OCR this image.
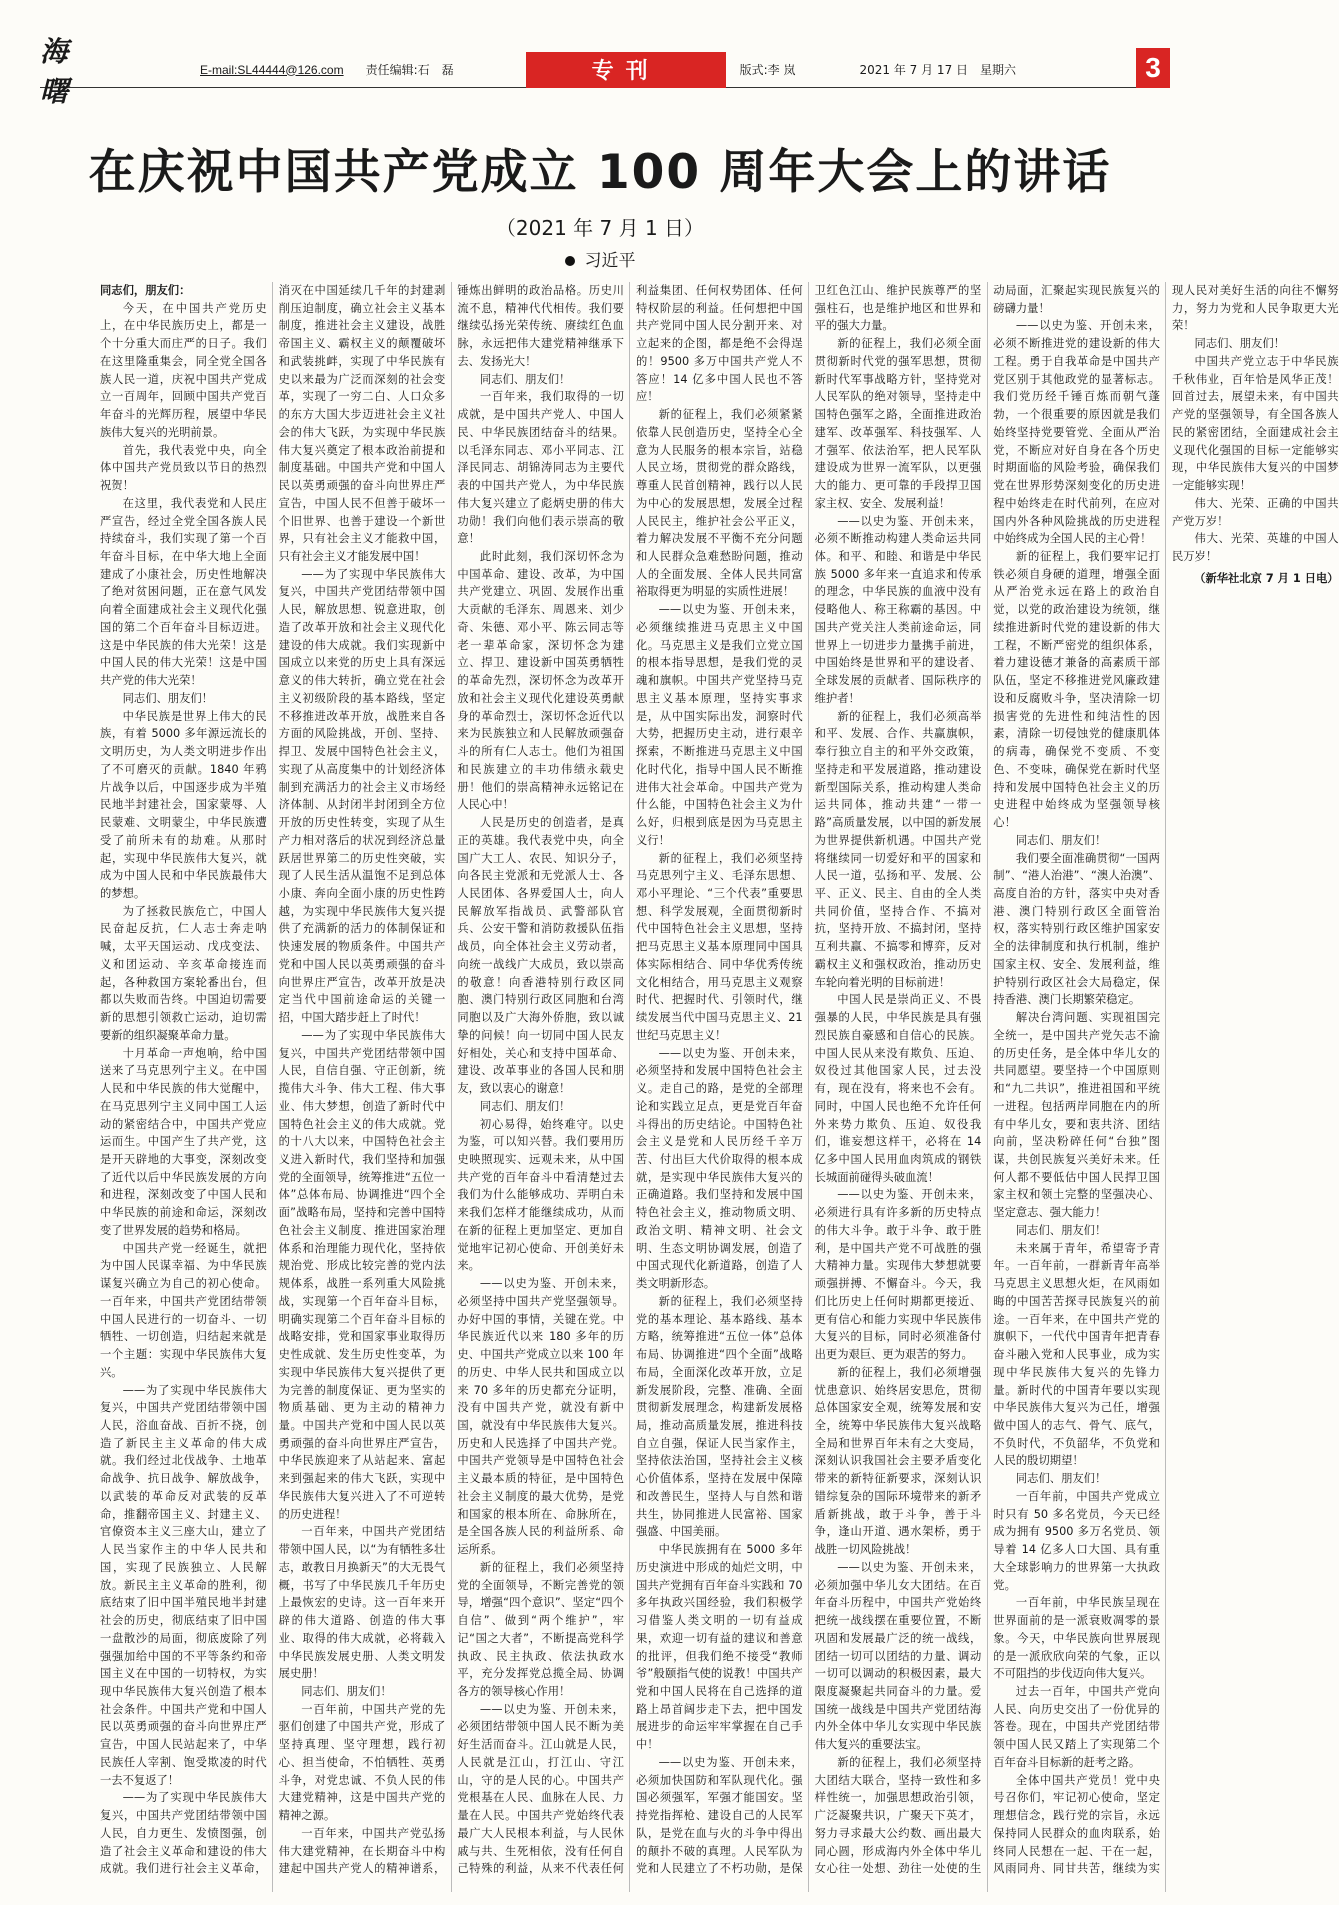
海 曙
E-mail:SL44444@126.com 责任编辑:石　磊	专刊	版式:李 岚	2021 年 7 月 17 日　星期六	3
在庆祝中国共产党成立 100 周年大会上的讲话
（2021 年 7 月 1 日）
习近平

同志们，朋友们：

今天，在中国共产党历史上，在中华民族历史上，都是一个十分重大而庄严的日子。我们在这里隆重集会，同全党全国各族人民一道，庆祝中国共产党成立一百周年，回顾中国共产党百年奋斗的光辉历程，展望中华民族伟大复兴的光明前景。

首先，我代表党中央，向全体中国共产党员致以节日的热烈祝贺！

在这里，我代表党和人民庄严宣告，经过全党全国各族人民持续奋斗，我们实现了第一个百年奋斗目标，在中华大地上全面建成了小康社会，历史性地解决了绝对贫困问题，正在意气风发向着全面建成社会主义现代化强国的第二个百年奋斗目标迈进。这是中华民族的伟大光荣！这是中国人民的伟大光荣！这是中国共产党的伟大光荣！

同志们、朋友们！

中华民族是世界上伟大的民族，有着 5000 多年源远流长的文明历史，为人类文明进步作出了不可磨灭的贡献。1840 年鸦片战争以后，中国逐步成为半殖民地半封建社会，国家蒙辱、人民蒙难、文明蒙尘，中华民族遭受了前所未有的劫难。从那时起，实现中华民族伟大复兴，就成为中国人民和中华民族最伟大的梦想。

为了拯救民族危亡，中国人民奋起反抗，仁人志士奔走呐喊，太平天国运动、戊戌变法、义和团运动、辛亥革命接连而起，各种救国方案轮番出台，但都以失败而告终。中国迫切需要新的思想引领救亡运动，迫切需要新的组织凝聚革命力量。

十月革命一声炮响，给中国送来了马克思列宁主义。在中国人民和中华民族的伟大觉醒中，在马克思列宁主义同中国工人运动的紧密结合中，中国共产党应运而生。中国产生了共产党，这是开天辟地的大事变，深刻改变了近代以后中华民族发展的方向和进程，深刻改变了中国人民和中华民族的前途和命运，深刻改变了世界发展的趋势和格局。

中国共产党一经诞生，就把为中国人民谋幸福、为中华民族谋复兴确立为自己的初心使命。一百年来，中国共产党团结带领中国人民进行的一切奋斗、一切牺牲、一切创造，归结起来就是一个主题：实现中华民族伟大复兴。

——为了实现中华民族伟大复兴，中国共产党团结带领中国人民，浴血奋战、百折不挠，创造了新民主主义革命的伟大成就。我们经过北伐战争、土地革命战争、抗日战争、解放战争，以武装的革命反对武装的反革命，推翻帝国主义、封建主义、官僚资本主义三座大山，建立了人民当家作主的中华人民共和国，实现了民族独立、人民解放。新民主主义革命的胜利，彻底结束了旧中国半殖民地半封建社会的历史，彻底结束了旧中国一盘散沙的局面，彻底废除了列强强加给中国的不平等条约和帝国主义在中国的一切特权，为实现中华民族伟大复兴创造了根本社会条件。中国共产党和中国人民以英勇顽强的奋斗向世界庄严宣告，中国人民站起来了，中华民族任人宰割、饱受欺凌的时代一去不复返了！

——为了实现中华民族伟大复兴，中国共产党团结带领中国人民，自力更生、发愤图强，创造了社会主义革命和建设的伟大成就。我们进行社会主义革命，消灭在中国延续几千年的封建剥削压迫制度，确立社会主义基本制度，推进社会主义建设，战胜帝国主义、霸权主义的颠覆破坏和武装挑衅，实现了中华民族有史以来最为广泛而深刻的社会变革，实现了一穷二白、人口众多的东方大国大步迈进社会主义社会的伟大飞跃，为实现中华民族伟大复兴奠定了根本政治前提和制度基础。中国共产党和中国人民以英勇顽强的奋斗向世界庄严宣告，中国人民不但善于破坏一个旧世界、也善于建设一个新世界，只有社会主义才能救中国，只有社会主义才能发展中国！

——为了实现中华民族伟大复兴，中国共产党团结带领中国人民，解放思想、锐意进取，创造了改革开放和社会主义现代化建设的伟大成就。我们实现新中国成立以来党的历史上具有深远意义的伟大转折，确立党在社会主义初级阶段的基本路线，坚定不移推进改革开放，战胜来自各方面的风险挑战，开创、坚持、捍卫、发展中国特色社会主义，实现了从高度集中的计划经济体制到充满活力的社会主义市场经济体制、从封闭半封闭到全方位开放的历史性转变，实现了从生产力相对落后的状况到经济总量跃居世界第二的历史性突破，实现了人民生活从温饱不足到总体小康、奔向全面小康的历史性跨越，为实现中华民族伟大复兴提供了充满新的活力的体制保证和快速发展的物质条件。中国共产党和中国人民以英勇顽强的奋斗向世界庄严宣告，改革开放是决定当代中国前途命运的关键一招，中国大踏步赶上了时代！

——为了实现中华民族伟大复兴，中国共产党团结带领中国人民，自信自强、守正创新，统揽伟大斗争、伟大工程、伟大事业、伟大梦想，创造了新时代中国特色社会主义的伟大成就。党的十八大以来，中国特色社会主义进入新时代，我们坚持和加强党的全面领导，统筹推进“五位一体”总体布局、协调推进“四个全面”战略布局，坚持和完善中国特色社会主义制度、推进国家治理体系和治理能力现代化，坚持依规治党、形成比较完善的党内法规体系，战胜一系列重大风险挑战，实现第一个百年奋斗目标，明确实现第二个百年奋斗目标的战略安排，党和国家事业取得历史性成就、发生历史性变革，为实现中华民族伟大复兴提供了更为完善的制度保证、更为坚实的物质基础、更为主动的精神力量。中国共产党和中国人民以英勇顽强的奋斗向世界庄严宣告，中华民族迎来了从站起来、富起来到强起来的伟大飞跃，实现中华民族伟大复兴进入了不可逆转的历史进程！

一百年来，中国共产党团结带领中国人民，以“为有牺牲多壮志，敢教日月换新天”的大无畏气概，书写了中华民族几千年历史上最恢宏的史诗。这一百年来开辟的伟大道路、创造的伟大事业、取得的伟大成就，必将载入中华民族发展史册、人类文明发展史册！

同志们、朋友们！

一百年前，中国共产党的先驱们创建了中国共产党，形成了坚持真理、坚守理想，践行初心、担当使命，不怕牺牲、英勇斗争，对党忠诚、不负人民的伟大建党精神，这是中国共产党的精神之源。

一百年来，中国共产党弘扬伟大建党精神，在长期奋斗中构建起中国共产党人的精神谱系，锤炼出鲜明的政治品格。历史川流不息，精神代代相传。我们要继续弘扬光荣传统、赓续红色血脉，永远把伟大建党精神继承下去、发扬光大！

同志们、朋友们！

一百年来，我们取得的一切成就，是中国共产党人、中国人民、中华民族团结奋斗的结果。以毛泽东同志、邓小平同志、江泽民同志、胡锦涛同志为主要代表的中国共产党人，为中华民族伟大复兴建立了彪炳史册的伟大功勋！我们向他们表示崇高的敬意！

此时此刻，我们深切怀念为中国革命、建设、改革，为中国共产党建立、巩固、发展作出重大贡献的毛泽东、周恩来、刘少奇、朱德、邓小平、陈云同志等老一辈革命家，深切怀念为建立、捍卫、建设新中国英勇牺牲的革命先烈，深切怀念为改革开放和社会主义现代化建设英勇献身的革命烈士，深切怀念近代以来为民族独立和人民解放顽强奋斗的所有仁人志士。他们为祖国和民族建立的丰功伟绩永载史册！他们的崇高精神永远铭记在人民心中！

人民是历史的创造者，是真正的英雄。我代表党中央，向全国广大工人、农民、知识分子，向各民主党派和无党派人士、各人民团体、各界爱国人士，向人民解放军指战员、武警部队官兵、公安干警和消防救援队伍指战员，向全体社会主义劳动者，向统一战线广大成员，致以崇高的敬意！向香港特别行政区同胞、澳门特别行政区同胞和台湾同胞以及广大海外侨胞，致以诚挚的问候！向一切同中国人民友好相处，关心和支持中国革命、建设、改革事业的各国人民和朋友，致以衷心的谢意！

同志们、朋友们！

初心易得，始终难守。以史为鉴，可以知兴替。我们要用历史映照现实、远观未来，从中国共产党的百年奋斗中看清楚过去我们为什么能够成功、弄明白未来我们怎样才能继续成功，从而在新的征程上更加坚定、更加自觉地牢记初心使命、开创美好未来。

——以史为鉴、开创未来，必须坚持中国共产党坚强领导。办好中国的事情，关键在党。中华民族近代以来 180 多年的历史、中国共产党成立以来 100 年的历史、中华人民共和国成立以来 70 多年的历史都充分证明，没有中国共产党，就没有新中国，就没有中华民族伟大复兴。历史和人民选择了中国共产党。中国共产党领导是中国特色社会主义最本质的特征，是中国特色社会主义制度的最大优势，是党和国家的根本所在、命脉所在，是全国各族人民的利益所系、命运所系。

新的征程上，我们必须坚持党的全面领导，不断完善党的领导，增强“四个意识”、坚定“四个自信”、做到“两个维护”，牢记“国之大者”，不断提高党科学执政、民主执政、依法执政水平，充分发挥党总揽全局、协调各方的领导核心作用！

——以史为鉴、开创未来，必须团结带领中国人民不断为美好生活而奋斗。江山就是人民，人民就是江山，打江山、守江山，守的是人民的心。中国共产党根基在人民、血脉在人民、力量在人民。中国共产党始终代表最广大人民根本利益，与人民休戚与共、生死相依，没有任何自己特殊的利益，从来不代表任何利益集团、任何权势团体、任何特权阶层的利益。任何想把中国共产党同中国人民分割开来、对立起来的企图，都是绝不会得逞的！9500 多万中国共产党人不答应！14 亿多中国人民也不答应！

新的征程上，我们必须紧紧依靠人民创造历史，坚持全心全意为人民服务的根本宗旨，站稳人民立场，贯彻党的群众路线，尊重人民首创精神，践行以人民为中心的发展思想，发展全过程人民民主，维护社会公平正义，着力解决发展不平衡不充分问题和人民群众急难愁盼问题，推动人的全面发展、全体人民共同富裕取得更为明显的实质性进展！

——以史为鉴、开创未来，必须继续推进马克思主义中国化。马克思主义是我们立党立国的根本指导思想，是我们党的灵魂和旗帜。中国共产党坚持马克思主义基本原理，坚持实事求是，从中国实际出发，洞察时代大势，把握历史主动，进行艰辛探索，不断推进马克思主义中国化时代化，指导中国人民不断推进伟大社会革命。中国共产党为什么能，中国特色社会主义为什么好，归根到底是因为马克思主义行！

新的征程上，我们必须坚持马克思列宁主义、毛泽东思想、邓小平理论、“三个代表”重要思想、科学发展观，全面贯彻新时代中国特色社会主义思想，坚持把马克思主义基本原理同中国具体实际相结合、同中华优秀传统文化相结合，用马克思主义观察时代、把握时代、引领时代，继续发展当代中国马克思主义、21 世纪马克思主义！

——以史为鉴、开创未来，必须坚持和发展中国特色社会主义。走自己的路，是党的全部理论和实践立足点，更是党百年奋斗得出的历史结论。中国特色社会主义是党和人民历经千辛万苦、付出巨大代价取得的根本成就，是实现中华民族伟大复兴的正确道路。我们坚持和发展中国特色社会主义，推动物质文明、政治文明、精神文明、社会文明、生态文明协调发展，创造了中国式现代化新道路，创造了人类文明新形态。

新的征程上，我们必须坚持党的基本理论、基本路线、基本方略，统筹推进“五位一体”总体布局、协调推进“四个全面”战略布局，全面深化改革开放，立足新发展阶段，完整、准确、全面贯彻新发展理念，构建新发展格局，推动高质量发展，推进科技自立自强，保证人民当家作主，坚持依法治国，坚持社会主义核心价值体系，坚持在发展中保障和改善民生，坚持人与自然和谐共生，协同推进人民富裕、国家强盛、中国美丽。

中华民族拥有在 5000 多年历史演进中形成的灿烂文明，中国共产党拥有百年奋斗实践和 70 多年执政兴国经验，我们积极学习借鉴人类文明的一切有益成果，欢迎一切有益的建议和善意的批评，但我们绝不接受“教师爷”般颐指气使的说教！中国共产党和中国人民将在自己选择的道路上昂首阔步走下去，把中国发展进步的命运牢牢掌握在自己手中！

——以史为鉴、开创未来，必须加快国防和军队现代化。强国必须强军，军强才能国安。坚持党指挥枪、建设自己的人民军队，是党在血与火的斗争中得出的颠扑不破的真理。人民军队为党和人民建立了不朽功勋，是保卫红色江山、维护民族尊严的坚强柱石，也是维护地区和世界和平的强大力量。

新的征程上，我们必须全面贯彻新时代党的强军思想，贯彻新时代军事战略方针，坚持党对人民军队的绝对领导，坚持走中国特色强军之路，全面推进政治建军、改革强军、科技强军、人才强军、依法治军，把人民军队建设成为世界一流军队，以更强大的能力、更可靠的手段捍卫国家主权、安全、发展利益！

——以史为鉴、开创未来，必须不断推动构建人类命运共同体。和平、和睦、和谐是中华民族 5000 多年来一直追求和传承的理念，中华民族的血液中没有侵略他人、称王称霸的基因。中国共产党关注人类前途命运，同世界上一切进步力量携手前进，中国始终是世界和平的建设者、全球发展的贡献者、国际秩序的维护者！

新的征程上，我们必须高举和平、发展、合作、共赢旗帜，奉行独立自主的和平外交政策，坚持走和平发展道路，推动建设新型国际关系，推动构建人类命运共同体，推动共建“一带一路”高质量发展，以中国的新发展为世界提供新机遇。中国共产党将继续同一切爱好和平的国家和人民一道，弘扬和平、发展、公平、正义、民主、自由的全人类共同价值，坚持合作、不搞对抗，坚持开放、不搞封闭，坚持互利共赢、不搞零和博弈，反对霸权主义和强权政治，推动历史车轮向着光明的目标前进！

中国人民是崇尚正义、不畏强暴的人民，中华民族是具有强烈民族自豪感和自信心的民族。中国人民从来没有欺负、压迫、奴役过其他国家人民，过去没有，现在没有，将来也不会有。同时，中国人民也绝不允许任何外来势力欺负、压迫、奴役我们，谁妄想这样干，必将在 14 亿多中国人民用血肉筑成的钢铁长城面前碰得头破血流！

——以史为鉴、开创未来，必须进行具有许多新的历史特点的伟大斗争。敢于斗争、敢于胜利，是中国共产党不可战胜的强大精神力量。实现伟大梦想就要顽强拼搏、不懈奋斗。今天，我们比历史上任何时期都更接近、更有信心和能力实现中华民族伟大复兴的目标，同时必须准备付出更为艰巨、更为艰苦的努力。

新的征程上，我们必须增强忧患意识、始终居安思危，贯彻总体国家安全观，统筹发展和安全，统筹中华民族伟大复兴战略全局和世界百年未有之大变局，深刻认识我国社会主要矛盾变化带来的新特征新要求，深刻认识错综复杂的国际环境带来的新矛盾新挑战，敢于斗争，善于斗争，逢山开道、遇水架桥，勇于战胜一切风险挑战！

——以史为鉴、开创未来，必须加强中华儿女大团结。在百年奋斗历程中，中国共产党始终把统一战线摆在重要位置，不断巩固和发展最广泛的统一战线，团结一切可以团结的力量、调动一切可以调动的积极因素，最大限度凝聚起共同奋斗的力量。爱国统一战线是中国共产党团结海内外全体中华儿女实现中华民族伟大复兴的重要法宝。

新的征程上，我们必须坚持大团结大联合，坚持一致性和多样性统一，加强思想政治引领，广泛凝聚共识，广聚天下英才，努力寻求最大公约数、画出最大同心圆，形成海内外全体中华儿女心往一处想、劲往一处使的生动局面，汇聚起实现民族复兴的磅礴力量！

——以史为鉴、开创未来，必须不断推进党的建设新的伟大工程。勇于自我革命是中国共产党区别于其他政党的显著标志。我们党历经千锤百炼而朝气蓬勃，一个很重要的原因就是我们始终坚持党要管党、全面从严治党，不断应对好自身在各个历史时期面临的风险考验，确保我们党在世界形势深刻变化的历史进程中始终走在时代前列，在应对国内外各种风险挑战的历史进程中始终成为全国人民的主心骨！

新的征程上，我们要牢记打铁必须自身硬的道理，增强全面从严治党永远在路上的政治自觉，以党的政治建设为统领，继续推进新时代党的建设新的伟大工程，不断严密党的组织体系，着力建设德才兼备的高素质干部队伍，坚定不移推进党风廉政建设和反腐败斗争，坚决清除一切损害党的先进性和纯洁性的因素，清除一切侵蚀党的健康肌体的病毒，确保党不变质、不变色、不变味，确保党在新时代坚持和发展中国特色社会主义的历史进程中始终成为坚强领导核心！

同志们、朋友们！

我们要全面准确贯彻“一国两制”、“港人治港”、“澳人治澳”、高度自治的方针，落实中央对香港、澳门特别行政区全面管治权，落实特别行政区维护国家安全的法律制度和执行机制，维护国家主权、安全、发展利益，维护特别行政区社会大局稳定，保持香港、澳门长期繁荣稳定。

解决台湾问题、实现祖国完全统一，是中国共产党矢志不渝的历史任务，是全体中华儿女的共同愿望。要坚持一个中国原则和“九二共识”，推进祖国和平统一进程。包括两岸同胞在内的所有中华儿女，要和衷共济、团结向前，坚决粉碎任何“台独”图谋，共创民族复兴美好未来。任何人都不要低估中国人民捍卫国家主权和领土完整的坚强决心、坚定意志、强大能力！

同志们、朋友们！

未来属于青年，希望寄予青年。一百年前，一群新青年高举马克思主义思想火炬，在风雨如晦的中国苦苦探寻民族复兴的前途。一百年来，在中国共产党的旗帜下，一代代中国青年把青春奋斗融入党和人民事业，成为实现中华民族伟大复兴的先锋力量。新时代的中国青年要以实现中华民族伟大复兴为己任，增强做中国人的志气、骨气、底气，不负时代，不负韶华，不负党和人民的殷切期望！

同志们、朋友们！

一百年前，中国共产党成立时只有 50 多名党员，今天已经成为拥有 9500 多万名党员、领导着 14 亿多人口大国、具有重大全球影响力的世界第一大执政党。

一百年前，中华民族呈现在世界面前的是一派衰败凋零的景象。今天，中华民族向世界展现的是一派欣欣向荣的气象，正以不可阻挡的步伐迈向伟大复兴。

过去一百年，中国共产党向人民、向历史交出了一份优异的答卷。现在，中国共产党团结带领中国人民又踏上了实现第二个百年奋斗目标新的赶考之路。

全体中国共产党员！党中央号召你们，牢记初心使命，坚定理想信念，践行党的宗旨，永远保持同人民群众的血肉联系，始终同人民想在一起、干在一起，风雨同舟、同甘共苦，继续为实现人民对美好生活的向往不懈努力，努力为党和人民争取更大光荣！

同志们、朋友们！

中国共产党立志于中华民族千秋伟业，百年恰是风华正茂！回首过去，展望未来，有中国共产党的坚强领导，有全国各族人民的紧密团结，全面建成社会主义现代化强国的目标一定能够实现，中华民族伟大复兴的中国梦一定能够实现！

伟大、光荣、正确的中国共产党万岁！

伟大、光荣、英雄的中国人民万岁！

（新华社北京 7 月 1 日电）
